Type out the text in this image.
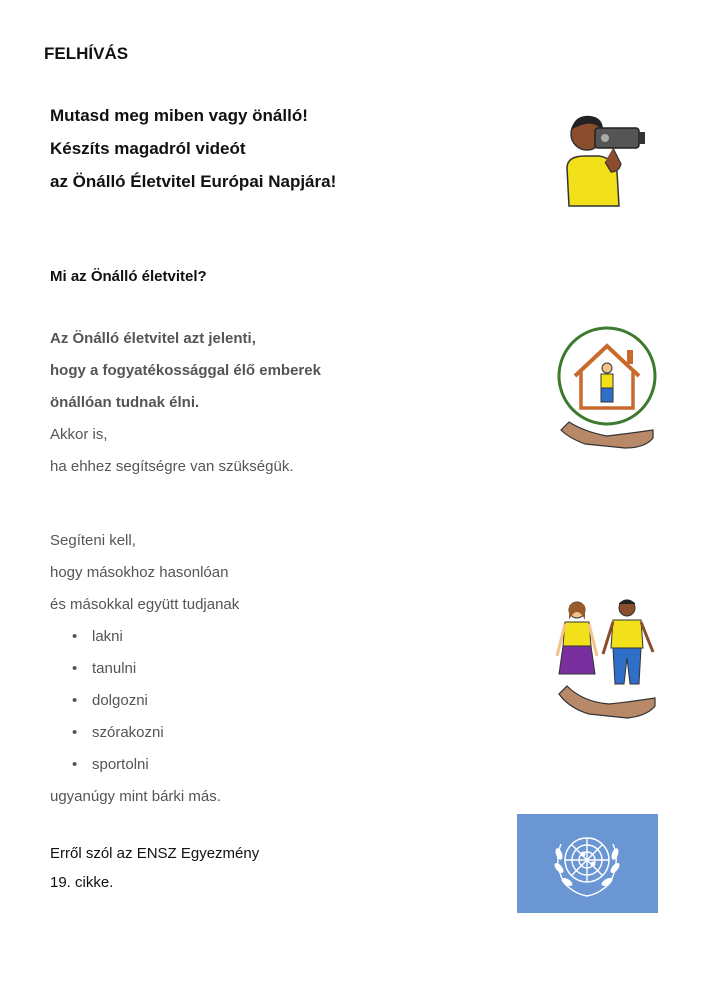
FELHÍVÁS
Mutasd meg miben vagy önálló!
Készíts magadról videót
az Önálló Életvitel Európai Napjára!
Mi az Önálló életvitel?
Az Önálló életvitel azt jelenti,
hogy a fogyatékossággal élő emberek
önállóan tudnak élni.
Akkor is,
ha ehhez segítségre van szükségük.
Segíteni kell,
hogy másokhoz hasonlóan
és másokkal együtt tudjanak
• lakni
• tanulni
• dolgozni
• szórakozni
• sportolni
ugyanúgy mint bárki más.
Erről szól az ENSZ Egyezmény
19. cikke.
